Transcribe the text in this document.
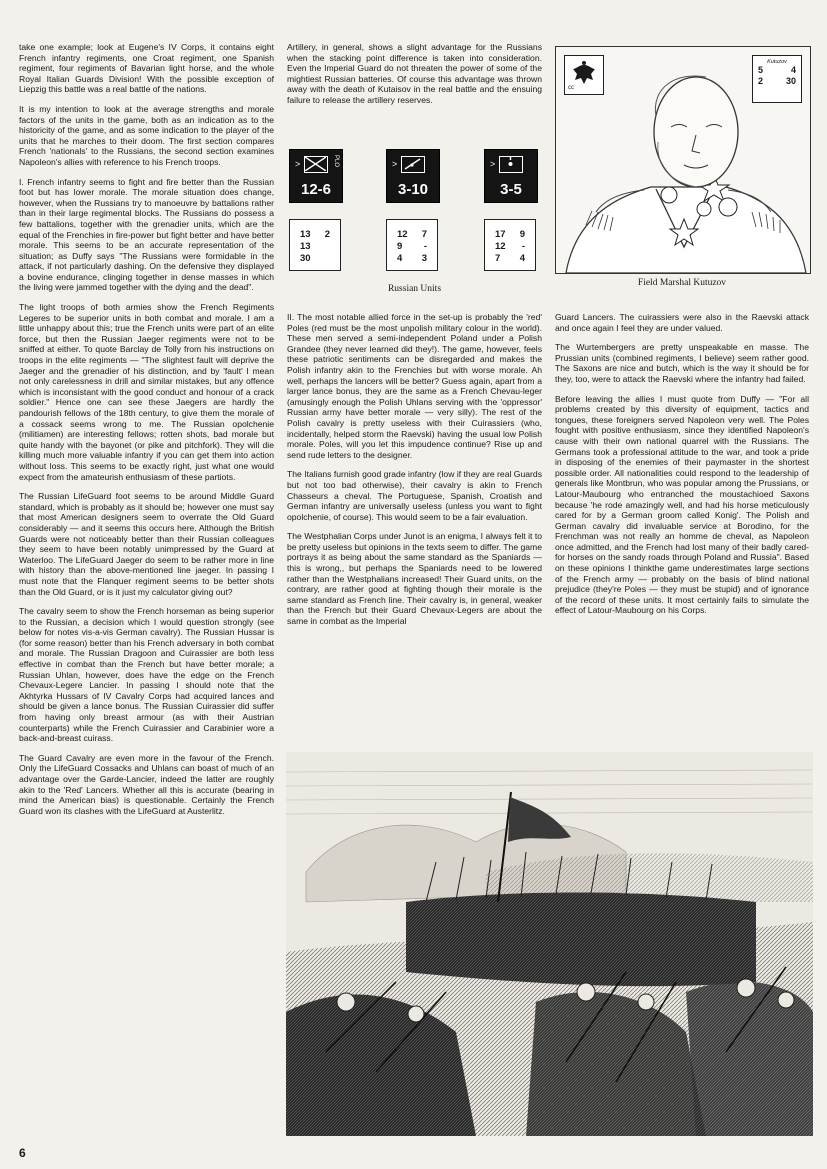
take one example; look at Eugene's IV Corps, it contains eight French infantry regiments, one Croat regiment, one Spanish regiment, four regiments of Bavarian light horse, and the whole Royal Italian Guards Division! With the possible exception of Liepzig this battle was a real battle of the nations.

It is my intention to look at the average strengths and morale factors of the units in the game, both as an indication as to the historicity of the game, and as some indication to the player of the units that he marches to their doom. The first section compares French 'nationals' to the Russians, the second section examines Napoleon's allies with reference to his French troops.

I. French infantry seems to fight and fire better than the Russian foot but has lower morale. The morale situation does change, however, when the Russians try to manoeuvre by battalions rather than in their large regimental blocks. The Russians do possess a few battalions, together with the grenadier units, which are the equal of the Frenchies in fire-power but fight better and have better morale. This seems to be an accurate representation of the situation; as Duffy says "The Russians were formidable in the attack, if not particularly dashing. On the defensive they displayed a bovine endurance, clinging together in dense masses in which the living were jammed together with the dying and the dead".

The light troops of both armies show the French Regiments Legeres to be superior units in both combat and morale. I am a little unhappy about this; true the French units were part of an elite force, but then the Russian Jaeger regiments were not to be sniffed at either. To quote Barclay de Tolly from his instructions on troops in the elite regiments — "The slightest fault will deprive the Jaeger and the grenadier of his distinction, and by 'fault' I mean not only carelessness in drill and similar mistakes, but any offence which is inconsistant with the good conduct and honour of a crack soldier." Hence one can see these Jaegers are hardly the pandourish fellows of the 18th century, to give them the morale of a cossack seems wrong to me. The Russian opolchenie (militiamen) are interesting fellows; rotten shots, bad morale but quite handy with the bayonet (or pike and pitchfork). They will die killing much more valuable infantry if you can get them into action without loss. This seems to be exactly right, just what one would expect from the amateurish enthusiasm of these partiots.

The Russian LifeGuard foot seems to be around Middle Guard standard, which is probably as it should be; however one must say that most American designers seem to overrate the Old Guard considerably — and it seems this occurs here. Although the British Guards were not noticeably better than their Russian colleagues they seem to have been notably unimpressed by the Guard at Waterloo. The LifeGuard Jaeger do seem to be rather more in line with history than the above-mentioned line jaeger. In passing I must note that the Flanquer regiment seems to be better shots than the Old Guard, or is it just my calculator giving out?

The cavalry seem to show the French horseman as being superior to the Russian, a decision which I would question strongly (see below for notes vis-a-vis German cavalry). The Russian Hussar is (for some reason) better than his French adversary in both combat and morale. The Russian Dragoon and Cuirassier are both less effective in combat than the French but have better morale; a Russian Uhlan, however, does have the edge on the French Chevaux-Legere Lancier. In passing I should note that the Akhtyrka Hussars of IV Cavalry Corps had acquired lances and should be given a lance bonus. The Russian Cuirassier did suffer from having only breast armour (as with their Austrian counterparts) while the French Cuirassier and Carabinier wore a back-and-breast cuirass.

The Guard Cavalry are even more in the favour of the French. Only the LifeGuard Cossacks and Uhlans can boast of much of an advantage over the Garde-Lancier, indeed the latter are roughly akin to the 'Red' Lancers. Whether all this is accurate (bearing in mind the American bias) is questionable. Certainly the French Guard won its clashes with the LifeGuard at Austerlitz.

Artillery, in general, shows a slight advantage for the Russians when the stacking point difference is taken into consideration. Even the Imperial Guard do not threaten the power of some of the mightiest Russian batteries. Of course this advantage was thrown away with the death of Kutaisov in the real battle and the ensuing failure to release the artillery reserves.

>	PLO
12-6
>
3-10
>
3-5
13 2
13
30
12 7
9 -
4 3
17 9
12 -
7 4
Russian Units
cc
Kutuzov
5	4
2	30
Field Marshal Kutuzov

II. The most notable allied force in the set-up is probably the 'red' Poles (red must be the most unpolish military colour in the world). These men served a semi-independent Poland under a Polish Grandee (they never learned did they!). The game, however, feels these patriotic sentiments can be disregarded and makes the Polish infantry akin to the Frenchies but with worse morale. Ah well, perhaps the lancers will be better? Guess again, apart from a larger lance bonus, they are the same as a French Chevau-leger (amusingly enough the Polish Uhlans serving with the 'oppressor' Russian army have better morale — very silly). The rest of the Polish cavalry is pretty useless with their Cuirassiers (who, incidentally, helped storm the Raevski) having the usual low Polish morale. Poles, will you let this impudence continue? Rise up and send rude letters to the designer.

The Italians furnish good grade infantry (low if they are real Guards but not too bad otherwise), their cavalry is akin to French Chasseurs a cheval. The Portuguese, Spanish, Croatish and German infantry are universally useless (unless you want to fight opolchenie, of course). This would seem to be a fair evaluation.

The Westphalian Corps under Junot is an enigma, I always felt it to be pretty useless but opinions in the texts seem to differ. The game portrays it as being about the same standard as the Spaniards — this is wrong,, but perhaps the Spaniards need to be lowered rather than the Westphalians increased! Their Guard units, on the contrary, are rather good at fighting though their morale is the same standard as French line. Their cavalry is, in general, weaker than the French but their Guard Chevaux-Legers are about the same in combat as the Imperial

Guard Lancers. The cuirassiers were also in the Raevski attack and once again I feel they are under valued.

The Wurtembergers are pretty unspeakable en masse. The Prussian units (combined regiments, I believe) seem rather good. The Saxons are nice and butch, which is the way it should be for they, too, were to attack the Raevski where the infantry had failed.

Before leaving the allies I must quote from Duffy — "For all problems created by this diversity of equipment, tactics and tongues, these foreigners served Napoleon very well. The Poles fought with positive enthusiasm, since they identified Napoleon's cause with their own national quarrel with the Russians. The Germans took a professional attitude to the war, and took a pride in disposing of the enemies of their paymaster in the shortest possible order. All nationalities could respond to the leadership of generals like Montbrun, who was popular among the Prussians, or Latour-Maubourg who entranched the moustachioed Saxons because 'he rode amazingly well, and had his horse meticulously cared for by a German groom called Konig'. The Polish and German cavalry did invaluable service at Borodino, for the Frenchman was not really an homme de cheval, as Napoleon once admitted, and the French had lost many of their badly cared-for horses on the sandy roads through Poland and Russia". Based on these opinions I thinkthe game underestimates large sections of the French army — probably on the basis of blind national prejudice (they're Poles — they must be stupid) and of ignorance of the record of these units. It most certainly fails to simulate the effect of Latour-Maubourg on his Corps.

6
